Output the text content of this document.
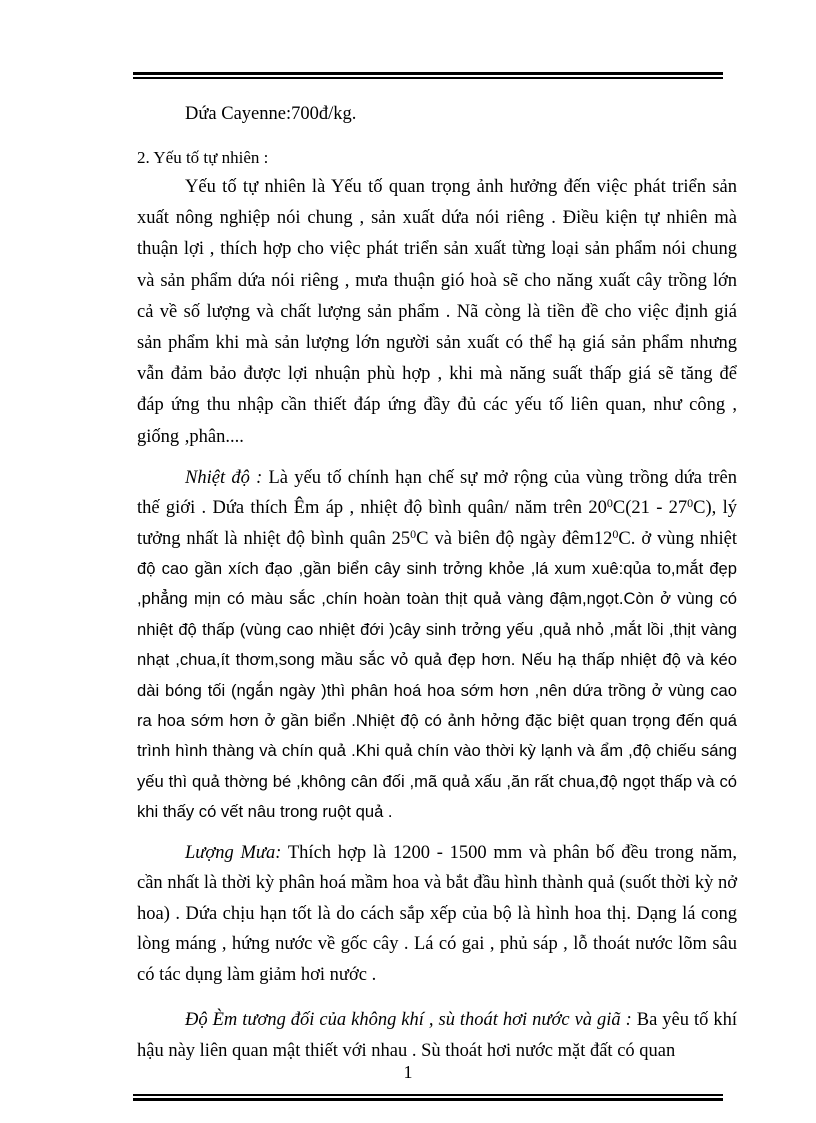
Dứa Cayenne:700đ/kg.
2. Yếu tố tự nhiên :

Yếu tố tự nhiên là Yếu tố quan trọng ảnh hưởng đến việc phát triển sản xuất nông nghiệp nói chung , sản xuất dứa nói riêng . Điều kiện tự nhiên mà thuận lợi , thích hợp cho việc phát triển sản xuất từng loại sản phẩm nói chung và sản phẩm dứa nói riêng , mưa thuận gió hoà sẽ cho năng xuất cây trồng lớn cả về số lượng và chất lượng sản phẩm . Nã còng là tiền đề cho việc định giá sản phẩm khi mà sản lượng lớn người sản xuất có thể hạ giá sản phẩm nhưng vẫn đảm bảo được lợi nhuận phù hợp , khi mà năng suất thấp giá sẽ tăng để đáp ứng thu nhập cần thiết đáp ứng đầy đủ các yếu tố liên quan, như công , giống ,phân....

Nhiệt độ : Là yếu tố chính hạn chế sự mở rộng của vùng trồng dứa trên thế giới . Dứa thích Êm áp , nhiệt độ bình quân/ năm trên $20^0C(21 - 27^0C)$, lý tưởng nhất là nhiệt độ bình quân $25^0C$ và biên độ ngày $đêm12^0C$. ở vùng nhiệt độ cao gần xích đạo ,gần biển cây sinh trởng khỏe ,lá xum xuê:qủa to,mắt đẹp ,phẳng mịn có màu sắc ,chín hoàn toàn thịt quả vàng đậm,ngọt.Còn ở vùng có nhiệt độ thấp (vùng cao nhiệt đới )cây sinh trởng yếu ,quả nhỏ ,mắt lồi ,thịt vàng nhạt ,chua,ít thơm,song mầu sắc vỏ quả đẹp hơn. Nếu hạ thấp nhiệt độ và kéo dài bóng tối (ngắn ngày )thì phân hoá hoa sớm hơn ,nên dứa trồng ở vùng cao ra hoa sớm hơn ở gần biển .Nhiệt độ có ảnh hởng đặc biệt quan trọng đến quá trình hình thàng và chín quả .Khi quả chín vào thời kỳ lạnh và ẩm ,độ chiếu sáng yếu thì quả thờng bé ,không cân đối ,mã quả xấu ,ăn rất chua,độ ngọt thấp và có khi thấy có vết nâu trong ruột quả .

Lượng Mưa: Thích hợp là 1200 - 1500 mm và phân bố đều trong năm, cần nhất là thời kỳ phân hoá mầm hoa và bắt đầu hình thành quả (suốt thời kỳ nở hoa) . Dứa chịu hạn tốt là do cách sắp xếp của bộ là hình hoa thị. Dạng lá cong lòng máng , hứng nước về gốc cây . Lá có gai , phủ sáp , lỗ thoát nước lõm sâu có tác dụng làm giảm hơi nước .

Độ Èm tương đối của không khí , sù thoát hơi nước và giã : Ba yêu tố khí hậu này liên quan mật thiết với nhau . Sù thoát hơi nước mặt đất có quan

1
